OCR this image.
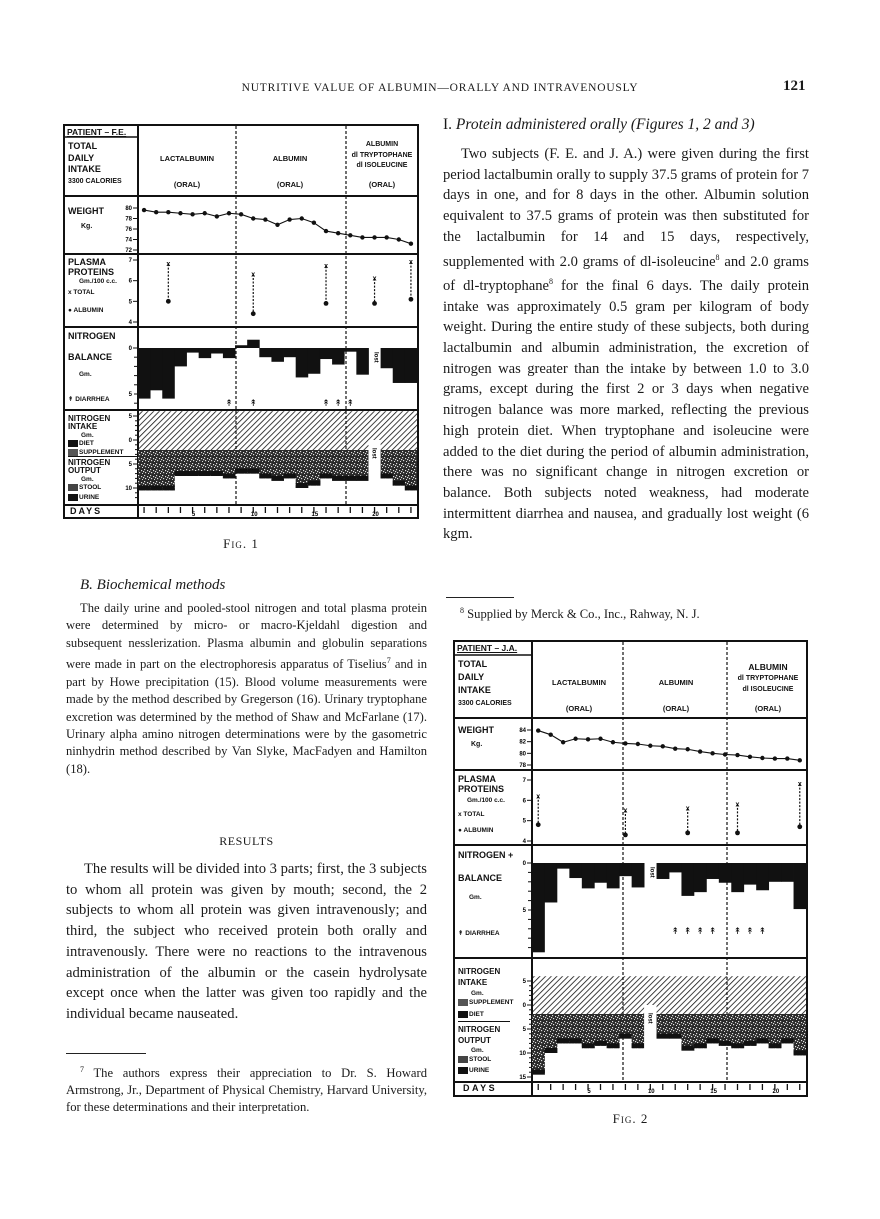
NUTRITIVE VALUE OF ALBUMIN—ORALLY AND INTRAVENOUSLY	121
80
78
76
74
72
7
6
5
4
x
x
x
x
x
0
5
lost
↟ ↟	↟ ↟ ↟
lost
5
0
5
10
5	10	15	20
PATIENT – F.E.
TOTAL
DAILY
INTAKE
3300 CALORIES
LACTALBUMIN
(ORAL)
ALBUMIN
(ORAL)
ALBUMIN
dl TRYPTOPHANE
dl ISOLEUCINE
(ORAL)
WEIGHT
Kg.
PLASMA
PROTEINS
Gm./100 c.c.
x TOTAL
● ALBUMIN
NITROGEN
BALANCE
Gm.
↟ DIARRHEA
NITROGEN
INTAKE
Gm.
DIET
SUPPLEMENT
NITROGEN
OUTPUT
Gm.
STOOL
URINE
DAYS
Fig. 1
B. Biochemical methods

The daily urine and pooled-stool nitrogen and total plasma protein were determined by micro- or macro-Kjeldahl digestion and subsequent nesslerization. Plasma albumin and globulin separations were made in part on the electrophoresis apparatus of Tiselius$^7$ and in part by Howe precipitation (15). Blood volume measurements were made by the method described by Gregerson (16). Urinary tryptophane excretion was determined by the method of Shaw and McFarlane (17). Urinary alpha amino nitrogen determinations were by the gasometric ninhydrin method described by Van Slyke, MacFadyen and Hamilton (18).

RESULTS

The results will be divided into 3 parts; first, the 3 subjects to whom all protein was given by mouth; second, the 2 subjects to whom all protein was given intravenously; and third, the subject who received protein both orally and intravenously. There were no reactions to the intravenous administration of the albumin or the casein hydrolysate except once when the latter was given too rapidly and the individual became nauseated.

$^7$ The authors express their appreciation to Dr. S. Howard Armstrong, Jr., Department of Physical Chemistry, Harvard University, for these determinations and their interpretation.
I. Protein administered orally (Figures 1, 2 and 3)

Two subjects (F. E. and J. A.) were given during the first period lactalbumin orally to supply 37.5 grams of protein for 7 days in one, and for 8 days in the other. Albumin solution equivalent to 37.5 grams of protein was then substituted for the lactalbumin for 14 and 15 days, respectively, supplemented with 2.0 grams of dl-isoleucine$^8$ and 2.0 grams of dl-tryptophane$^8$ for the final 6 days. The daily protein intake was approximately 0.5 gram per kilogram of body weight. During the entire study of these subjects, both during lactalbumin and albumin administration, the excretion of nitrogen was greater than the intake by between 1.0 to 3.0 grams, except during the first 2 or 3 days when negative nitrogen balance was more marked, reflecting the previous high protein diet. When tryptophane and isoleucine were added to the diet during the period of albumin administration, there was no significant change in nitrogen excretion or balance. Both subjects noted weakness, had moderate intermittent diarrhea and nausea, and gradually lost weight (6 kgm.

$^8$ Supplied by Merck & Co., Inc., Rahway, N. J.
84
82
80
78
7
6
5
4
x
x	x
x
x
0
5
lost
↟ ↟ ↟ ↟ ↟ ↟ ↟
lost
5
0
5
10
15
5	10	15	20
PATIENT – J.A.
TOTAL
DAILY
INTAKE
3300 CALORIES
LACTALBUMIN
(ORAL)
ALBUMIN
(ORAL)
ALBUMIN
dl TRYPTOPHANE
dl ISOLEUCINE
(ORAL)
WEIGHT
Kg.
PLASMA
PROTEINS
Gm./100 c.c.
x TOTAL
● ALBUMIN
NITROGEN +
BALANCE
Gm.
↟ DIARRHEA
NITROGEN
INTAKE
Gm.
SUPPLEMENT
DIET
NITROGEN
OUTPUT
Gm.
STOOL
URINE
DAYS
Fig. 2
